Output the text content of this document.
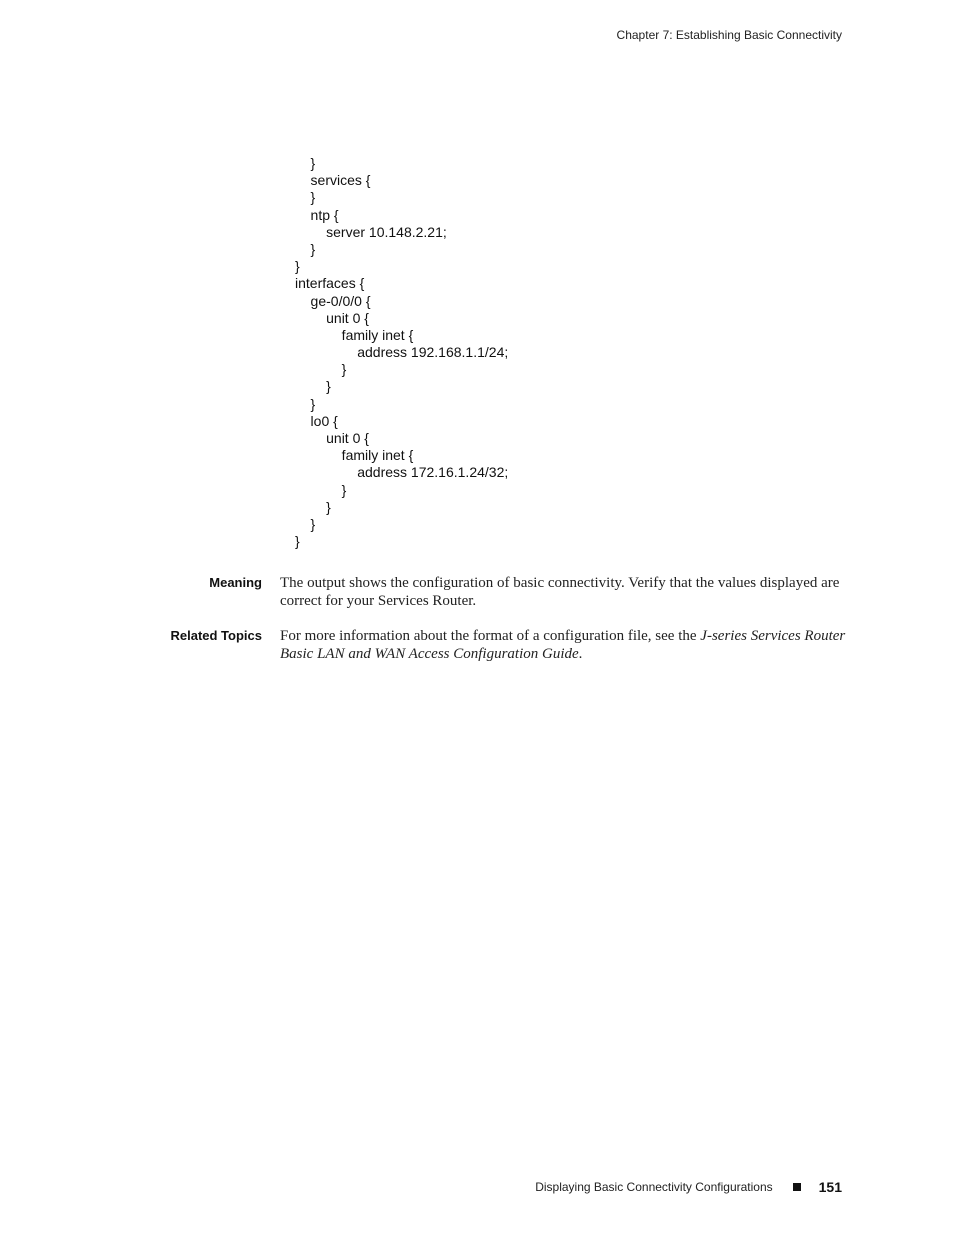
Chapter 7: Establishing Basic Connectivity
}
services {
}
ntp {
server 10.148.2.21;
}
}
interfaces {
ge-0/0/0 {
unit 0 {
family inet {
address 192.168.1.1/24;
}
}
}
lo0 {
unit 0 {
family inet {
address 172.16.1.24/32;
}
}
}
}
Meaning The output shows the configuration of basic connectivity. Verify that the values displayed are correct for your Services Router.
Related Topics For more information about the format of a configuration file, see the J-series Services Router Basic LAN and WAN Access Configuration Guide.
Displaying Basic Connectivity Configurations	151
